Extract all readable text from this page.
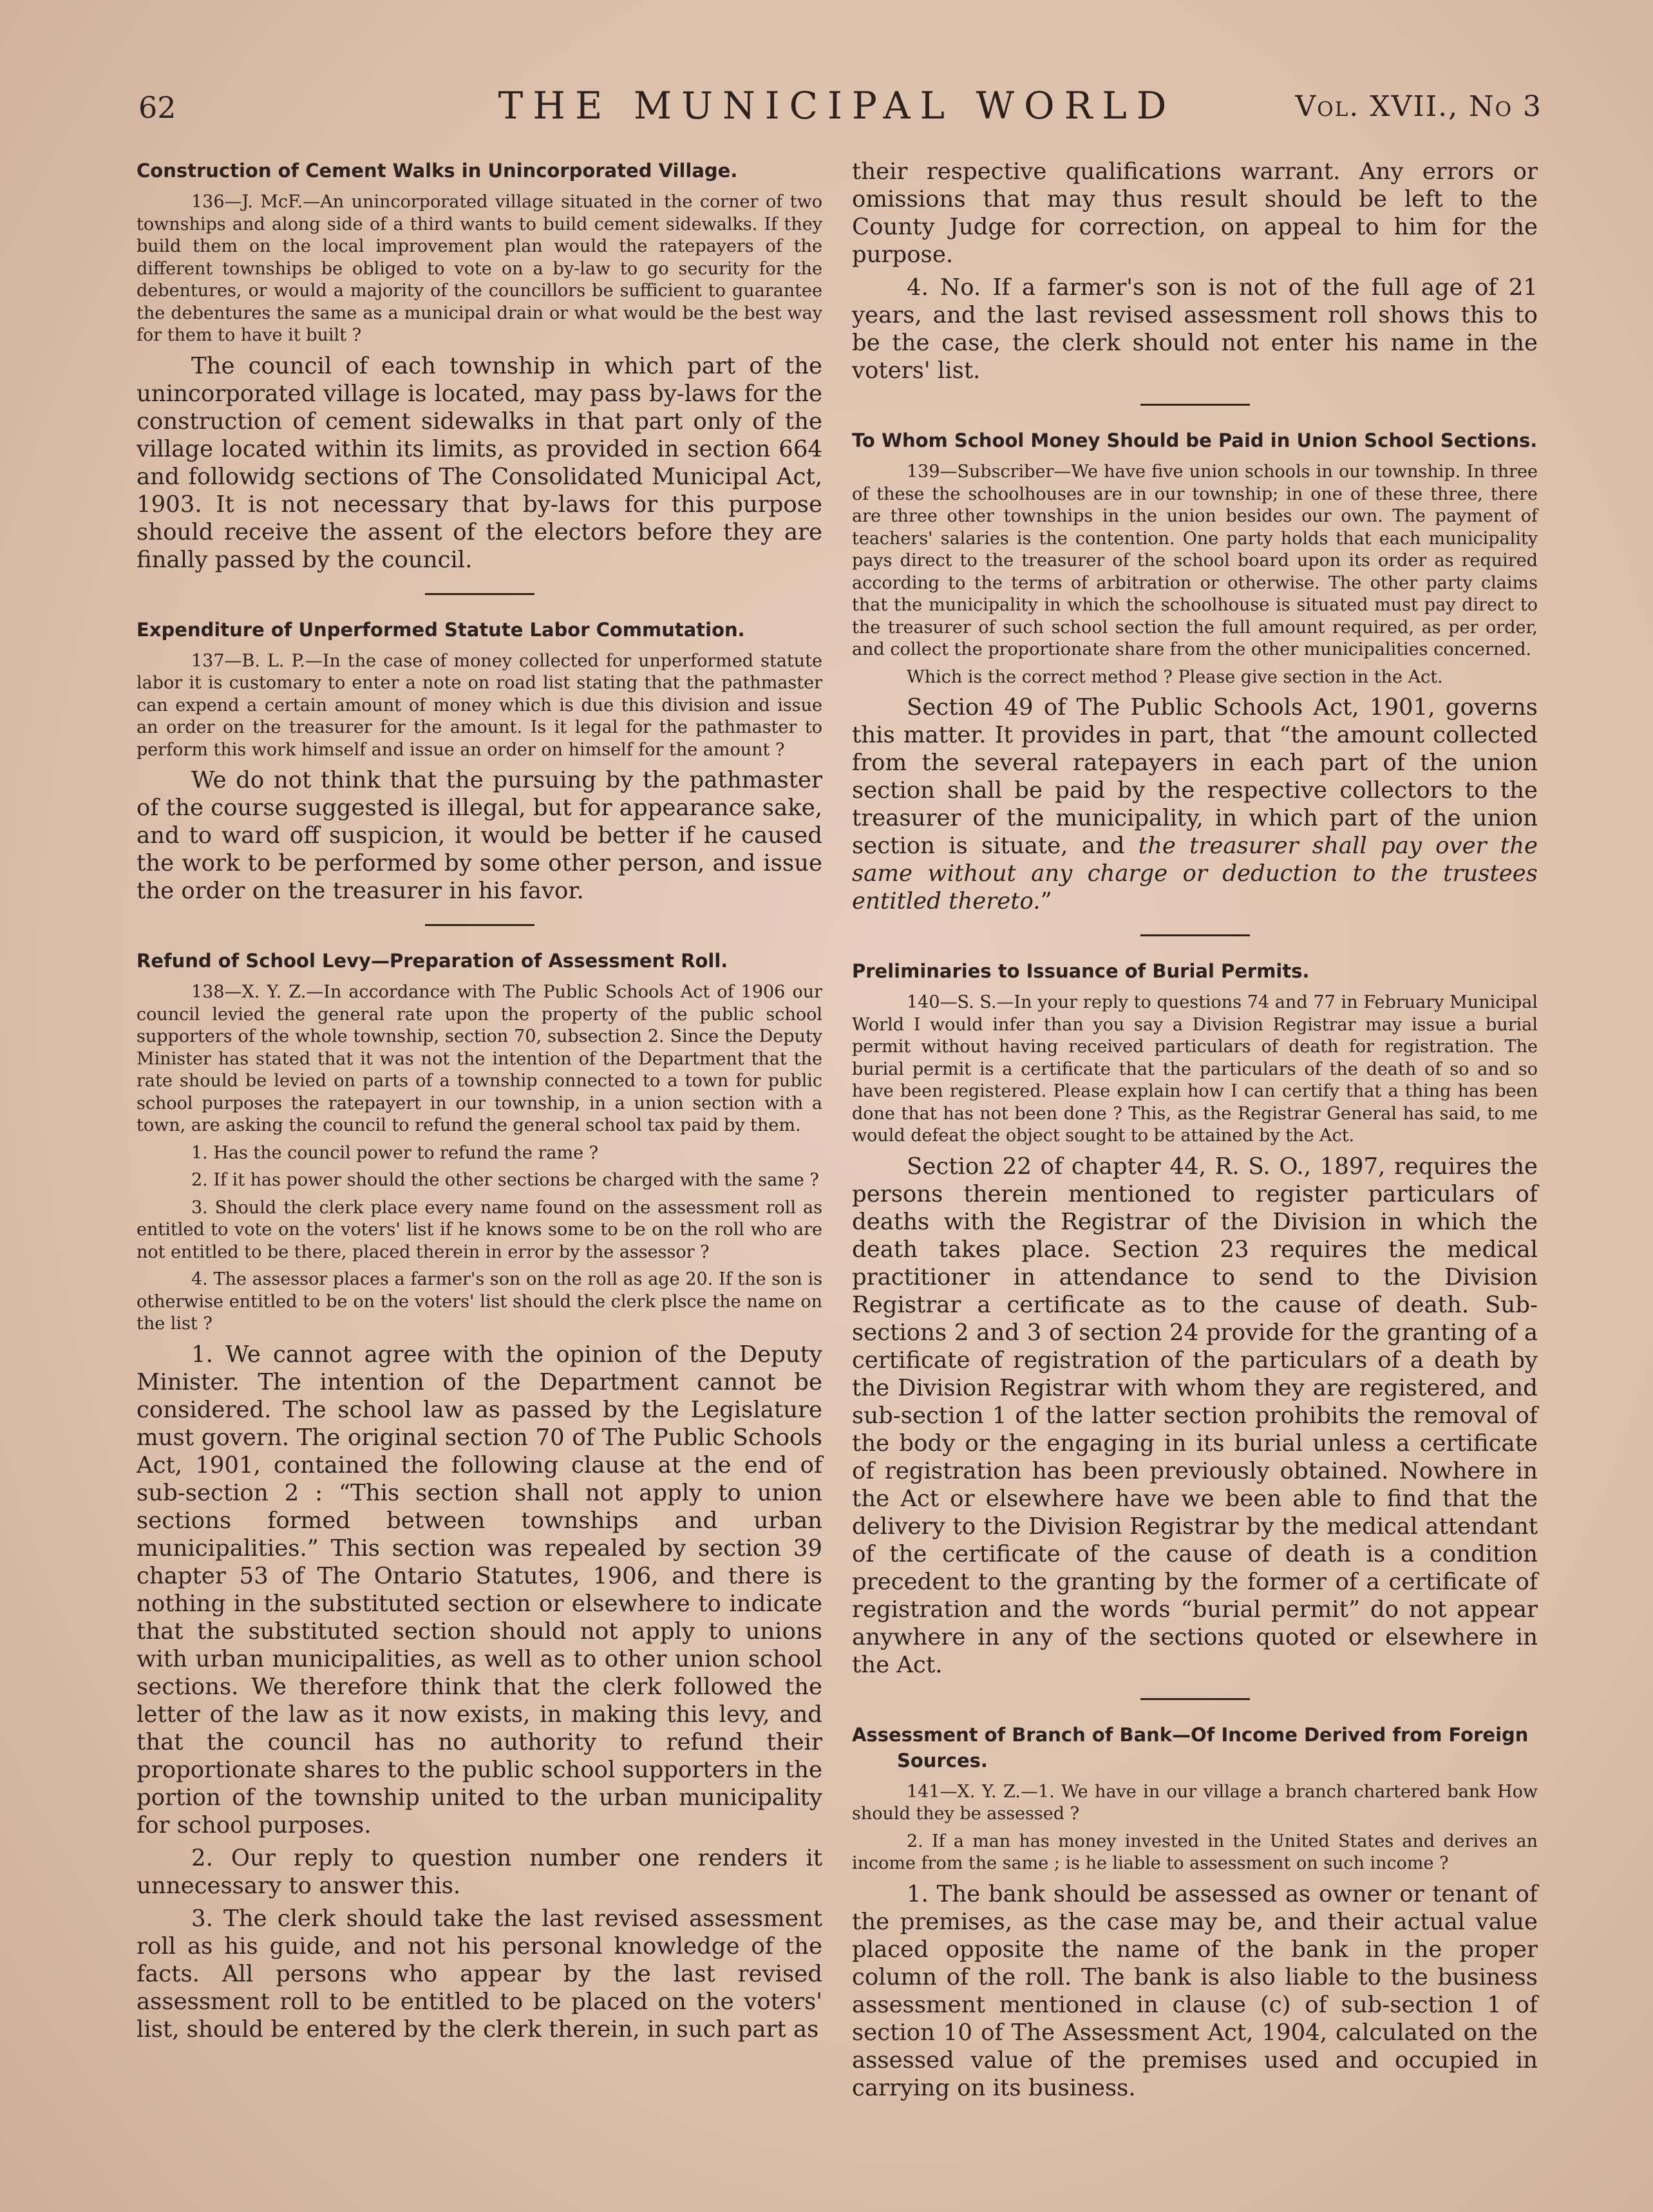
62	THE MUNICIPAL WORLD	Vol. XVII., No 3
Construction of Cement Walks in Unincorporated Village.

136—J. McF.—An unincorporated village situated in the corner of two townships and along side of a third wants to build cement sidewalks. If they build them on the local improvement plan would the ratepayers of the different townships be obliged to vote on a by-law to go security for the debentures, or would a majority of the councillors be sufficient to guarantee the debentures the same as a municipal drain or what would be the best way for them to have it built ?

The council of each township in which part of the unincorporated village is located, may pass by-laws for the construction of cement sidewalks in that part only of the village located within its limits, as provided in section 664 and followidg sections of The Consolidated Municipal Act, 1903. It is not necessary that by-laws for this purpose should receive the assent of the electors before they are finally passed by the council.

Expenditure of Unperformed Statute Labor Commutation.

137—B. L. P.—In the case of money collected for unperformed statute labor it is customary to enter a note on road list stating that the pathmaster can expend a certain amount of money which is due this division and issue an order on the treasurer for the amount. Is it legal for the pathmaster to perform this work himself and issue an order on himself for the amount ?

We do not think that the pursuing by the pathmaster of the course suggested is illegal, but for appearance sake, and to ward off suspicion, it would be better if he caused the work to be performed by some other person, and issue the order on the treasurer in his favor.

Refund of School Levy—Preparation of Assessment Roll.

138—X. Y. Z.—In accordance with The Public Schools Act of 1906 our council levied the general rate upon the property of the public school supporters of the whole township, section 70, subsection 2. Since the Deputy Minister has stated that it was not the intention of the Department that the rate should be levied on parts of a township connected to a town for public school purposes the ratepayert in our township, in a union section with a town, are asking the council to refund the general school tax paid by them.

1. Has the council power to refund the rame ?

2. If it has power should the other sections be charged with the same ?

3. Should the clerk place every name found on the assessment roll as entitled to vote on the voters' list if he knows some to be on the roll who are not entitled to be there, placed therein in error by the assessor ?

4. The assessor places a farmer's son on the roll as age 20. If the son is otherwise entitled to be on the voters' list should the clerk plsce the name on the list ?

1. We cannot agree with the opinion of the Deputy Minister. The intention of the Department cannot be considered. The school law as passed by the Legislature must govern. The original section 70 of The Public Schools Act, 1901, contained the following clause at the end of sub-section 2 : “This section shall not apply to union sections formed between townships and urban municipalities.” This section was repealed by section 39 chapter 53 of The Ontario Statutes, 1906, and there is nothing in the substituted section or elsewhere to indicate that the substituted section should not apply to unions with urban municipalities, as well as to other union school sections. We therefore think that the clerk followed the letter of the law as it now exists, in making this levy, and that the council has no authority to refund their proportionate shares to the public school supporters in the portion of the township united to the urban municipality for school purposes.

2. Our reply to question number one renders it unnecessary to answer this.

3. The clerk should take the last revised assessment roll as his guide, and not his personal knowledge of the facts. All persons who appear by the last revised assessment roll to be entitled to be placed on the voters' list, should be entered by the clerk therein, in such part as

their respective qualifications warrant. Any errors or omissions that may thus result should be left to the County Judge for correction, on appeal to him for the purpose.

4. No. If a farmer's son is not of the full age of 21 years, and the last revised assessment roll shows this to be the case, the clerk should not enter his name in the voters' list.

To Whom School Money Should be Paid in Union School Sections.

139—Subscriber—We have five union schools in our township. In three of these the schoolhouses are in our township; in one of these three, there are three other townships in the union besides our own. The payment of teachers' salaries is the contention. One party holds that each municipality pays direct to the treasurer of the school board upon its order as required according to the terms of arbitration or otherwise. The other party claims that the municipality in which the schoolhouse is situated must pay direct to the treasurer of such school section the full amount required, as per order, and collect the proportionate share from the other municipalities concerned.

Which is the correct method ? Please give section in the Act.

Section 49 of The Public Schools Act, 1901, governs this matter. It provides in part, that “the amount collected from the several ratepayers in each part of the union section shall be paid by the respective collectors to the treasurer of the municipality, in which part of the union section is situate, and the treasurer shall pay over the same without any charge or deduction to the trustees entitled thereto.”

Preliminaries to Issuance of Burial Permits.

140—S. S.—In your reply to questions 74 and 77 in February Municipal World I would infer than you say a Division Registrar may issue a burial permit without having received particulars of death for registration. The burial permit is a certificate that the particulars of the death of so and so have been registered. Please explain how I can certify that a thing has been done that has not been done ? This, as the Registrar General has said, to me would defeat the object sought to be attained by the Act.

Section 22 of chapter 44, R. S. O., 1897, requires the persons therein mentioned to register particulars of deaths with the Registrar of the Division in which the death takes place. Section 23 requires the medical practitioner in attendance to send to the Division Registrar a certificate as to the cause of death. Sub-sections 2 and 3 of section 24 provide for the granting of a certificate of registration of the particulars of a death by the Division Registrar with whom they are registered, and sub-section 1 of the latter section prohibits the removal of the body or the engaging in its burial unless a certificate of registration has been previously obtained. Nowhere in the Act or elsewhere have we been able to find that the delivery to the Division Registrar by the medical attendant of the certificate of the cause of death is a condition precedent to the granting by the former of a certificate of registration and the words “burial permit” do not appear anywhere in any of the sections quoted or elsewhere in the Act.

Assessment of Branch of Bank—Of Income Derived from Foreign Sources.

141—X. Y. Z.—1. We have in our village a branch chartered bank How should they be assessed ?

2. If a man has money invested in the United States and derives an income from the same ; is he liable to assessment on such income ?

1. The bank should be assessed as owner or tenant of the premises, as the case may be, and their actual value placed opposite the name of the bank in the proper column of the roll. The bank is also liable to the business assessment mentioned in clause (c) of sub-section 1 of section 10 of The Assessment Act, 1904, calculated on the assessed value of the premises used and occupied in carrying on its business.
